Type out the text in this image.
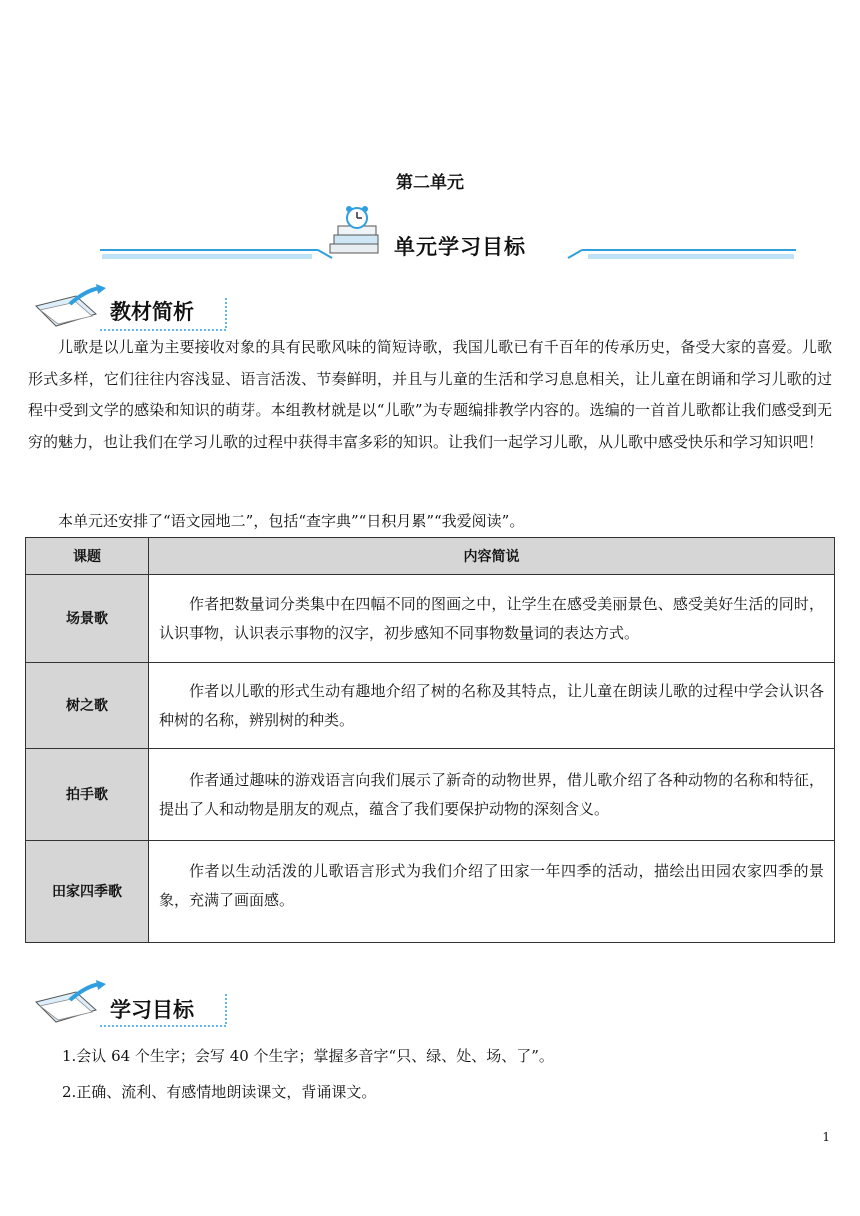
第二单元
单元学习目标
教材简析

儿歌是以儿童为主要接收对象的具有民歌风味的简短诗歌，我国儿歌已有千百年的传承历史，备受大家的喜爱。儿歌形式多样，它们往往内容浅显、语言活泼、节奏鲜明，并且与儿童的生活和学习息息相关，让儿童在朗诵和学习儿歌的过程中受到文学的感染和知识的萌芽。本组教材就是以“儿歌”为专题编排教学内容的。选编的一首首儿歌都让我们感受到无穷的魅力，也让我们在学习儿歌的过程中获得丰富多彩的知识。让我们一起学习儿歌，从儿歌中感受快乐和学习知识吧！

本单元还安排了“语文园地二”，包括“查字典”“日积月累”“我爱阅读”。

课题	内容简说
场景歌	作者把数量词分类集中在四幅不同的图画之中，让学生在感受美丽景色、感受美好生活的同时，认识事物，认识表示事物的汉字，初步感知不同事物数量词的表达方式。
树之歌	作者以儿歌的形式生动有趣地介绍了树的名称及其特点，让儿童在朗读儿歌的过程中学会认识各种树的名称，辨别树的种类。
拍手歌	作者通过趣味的游戏语言向我们展示了新奇的动物世界，借儿歌介绍了各种动物的名称和特征，提出了人和动物是朋友的观点，蕴含了我们要保护动物的深刻含义。
田家四季歌	作者以生动活泼的儿歌语言形式为我们介绍了田家一年四季的活动，描绘出田园农家四季的景象，充满了画面感。
学习目标
1.会认 64 个生字；会写 40 个生字；掌握多音字“只、绿、处、场、了”。
2.正确、流利、有感情地朗读课文，背诵课文。
1
